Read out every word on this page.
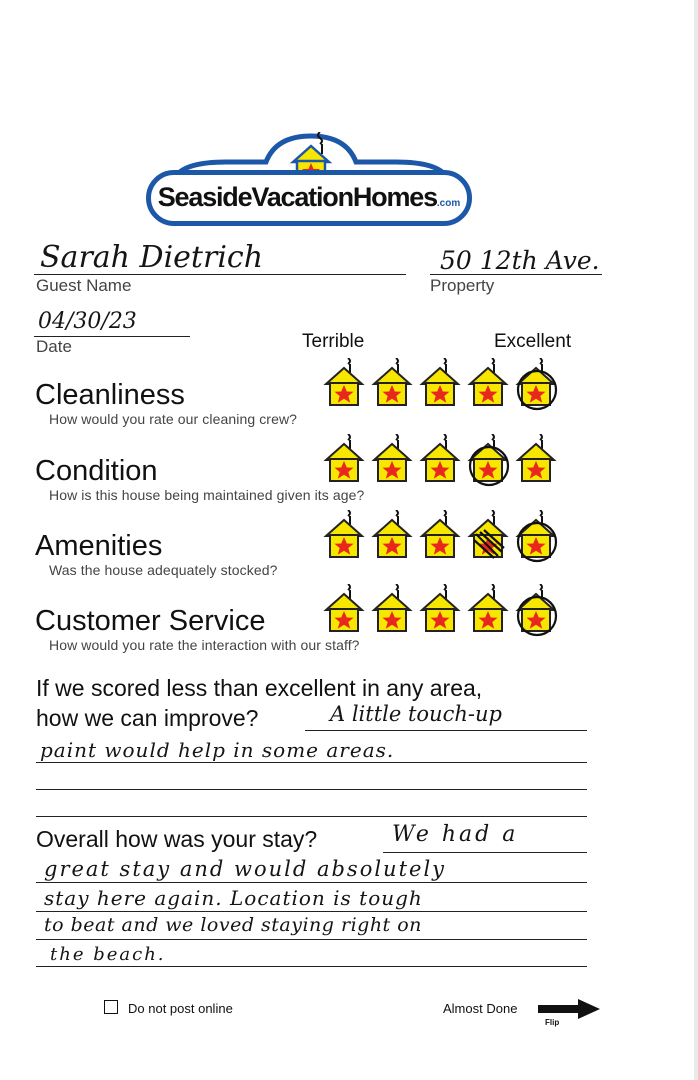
SeasideVacationHomes.com
Sarah Dietrich
Guest Name
50 12th Ave.
Property
04/30/23
Date	Terrible	Excellent
Cleanliness
How would you rate our cleaning crew?
Condition
How is this house being maintained given its age?
Amenities
Was the house adequately stocked?
Customer Service
How would you rate the interaction with our staff?
If we scored less than excellent in any area,
how we can improve?	A little touch-up
paint would help in some areas.
Overall how was your stay?	We had a
great stay and would absolutely
stay here again. Location is tough
to beat and we loved staying right on
the beach.
Do not post online	Almost Done
Flip
